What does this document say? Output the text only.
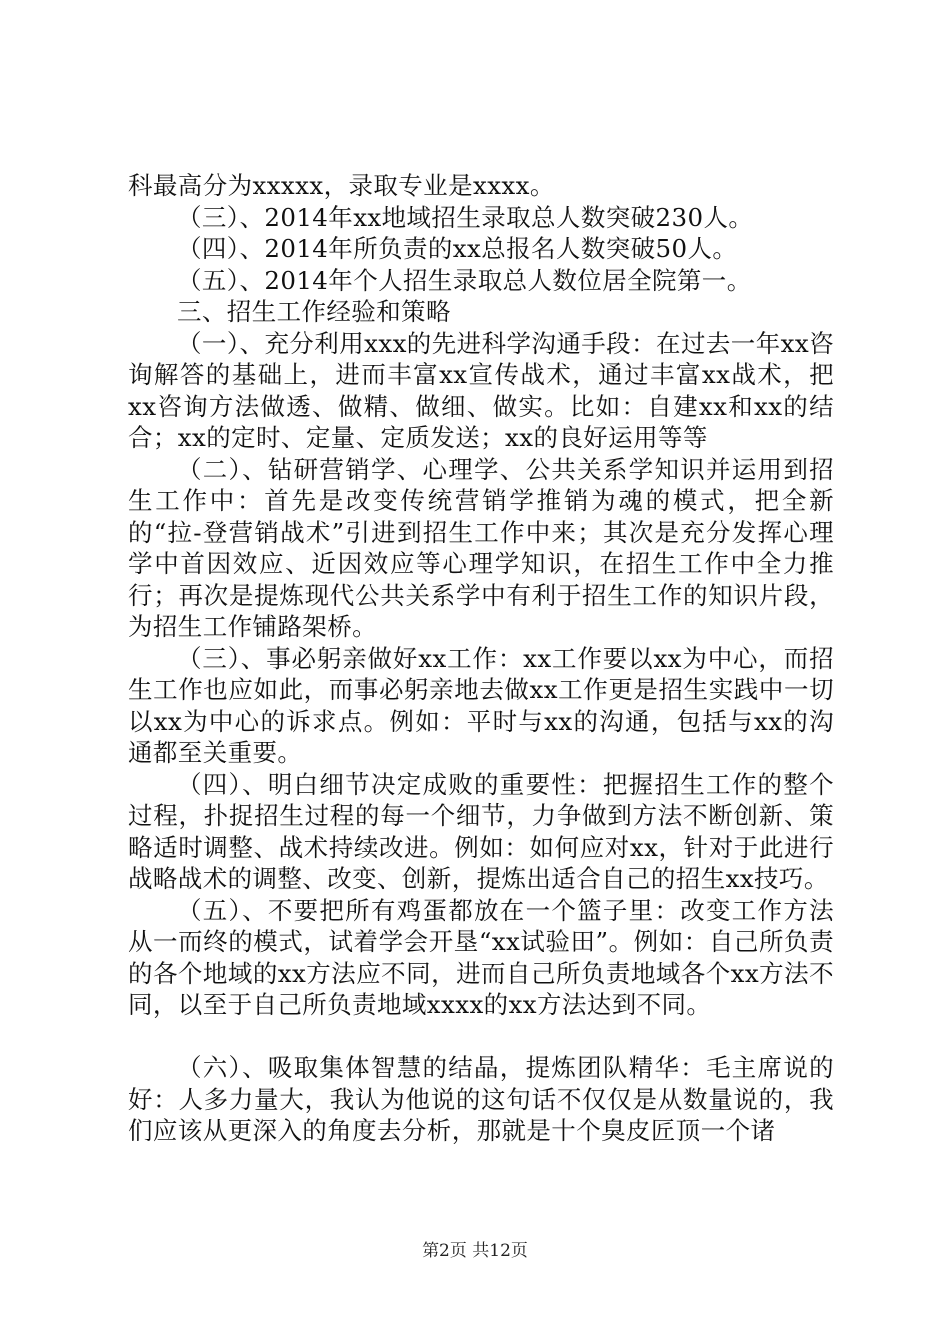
科最高分为xxxxx，录取专业是xxxx。

（三）、2014年xx地域招生录取总人数突破230人。

（四）、2014年所负责的xx总报名人数突破50人。

（五）、2014年个人招生录取总人数位居全院第一。

三、招生工作经验和策略

（一）、充分利用xxx的先进科学沟通手段：在过去一年xx咨询解答的基础上，进而丰富xx宣传战术，通过丰富xx战术，把xx咨询方法做透、做精、做细、做实。比如：自建xx和xx的结合；xx的定时、定量、定质发送；xx的良好运用等等

（二）、钻研营销学、心理学、公共关系学知识并运用到招生工作中：首先是改变传统营销学推销为魂的模式，把全新的“拉-登营销战术”引进到招生工作中来；其次是充分发挥心理学中首因效应、近因效应等心理学知识，在招生工作中全力推行；再次是提炼现代公共关系学中有利于招生工作的知识片段，为招生工作铺路架桥。

（三）、事必躬亲做好xx工作：xx工作要以xx为中心，而招生工作也应如此，而事必躬亲地去做xx工作更是招生实践中一切以xx为中心的诉求点。例如：平时与xx的沟通，包括与xx的沟通都至关重要。

（四）、明白细节决定成败的重要性：把握招生工作的整个过程，扑捉招生过程的每一个细节，力争做到方法不断创新、策略适时调整、战术持续改进。例如：如何应对xx，针对于此进行战略战术的调整、改变、创新，提炼出适合自己的招生xx技巧。

（五）、不要把所有鸡蛋都放在一个篮子里：改变工作方法从一而终的模式，试着学会开垦“xx试验田”。例如：自己所负责的各个地域的xx方法应不同，进而自己所负责地域各个xx方法不同，以至于自己所负责地域xxxx的xx方法达到不同。

（六）、吸取集体智慧的结晶，提炼团队精华：毛主席说的好：人多力量大，我认为他说的这句话不仅仅是从数量说的，我们应该从更深入的角度去分析，那就是十个臭皮匠顶一个诸

第2页 共12页
